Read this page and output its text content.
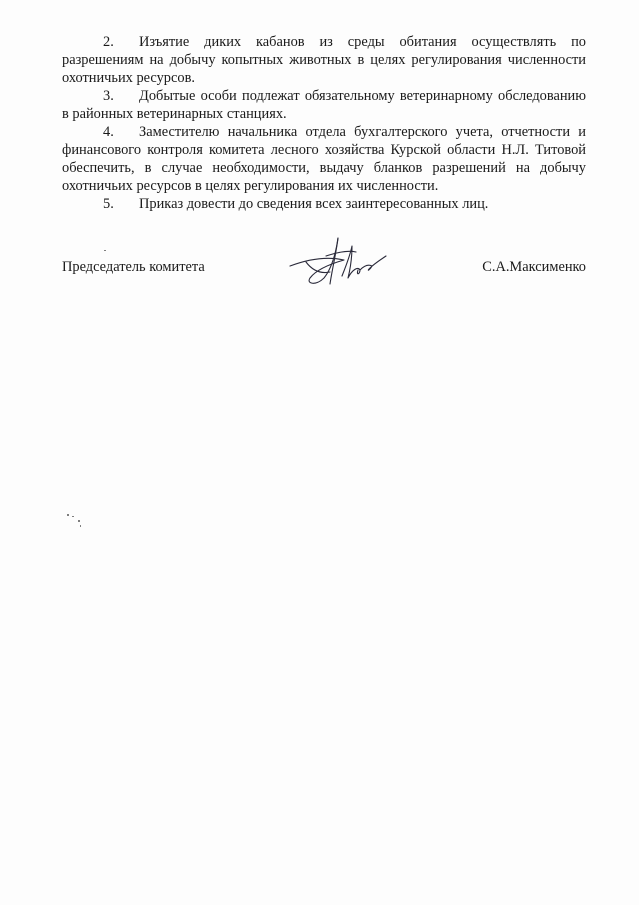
2. Изъятие диких кабанов из среды обитания осуществлять по разрешениям на добычу копытных животных в целях регулирования численности охотничьих ресурсов.

3. Добытые особи подлежат обязательному ветеринарному обследованию в районных ветеринарных станциях.

4. Заместителю начальника отдела бухгалтерского учета, отчетности и финансового контроля комитета лесного хозяйства Курской области Н.Л. Титовой обеспечить, в случае необходимости, выдачу бланков разрешений на добычу охотничьих ресурсов в целях регулирования их численности.

5. Приказ довести до сведения всех заинтересованных лиц.

Председатель комитета	С.А.Максименко
